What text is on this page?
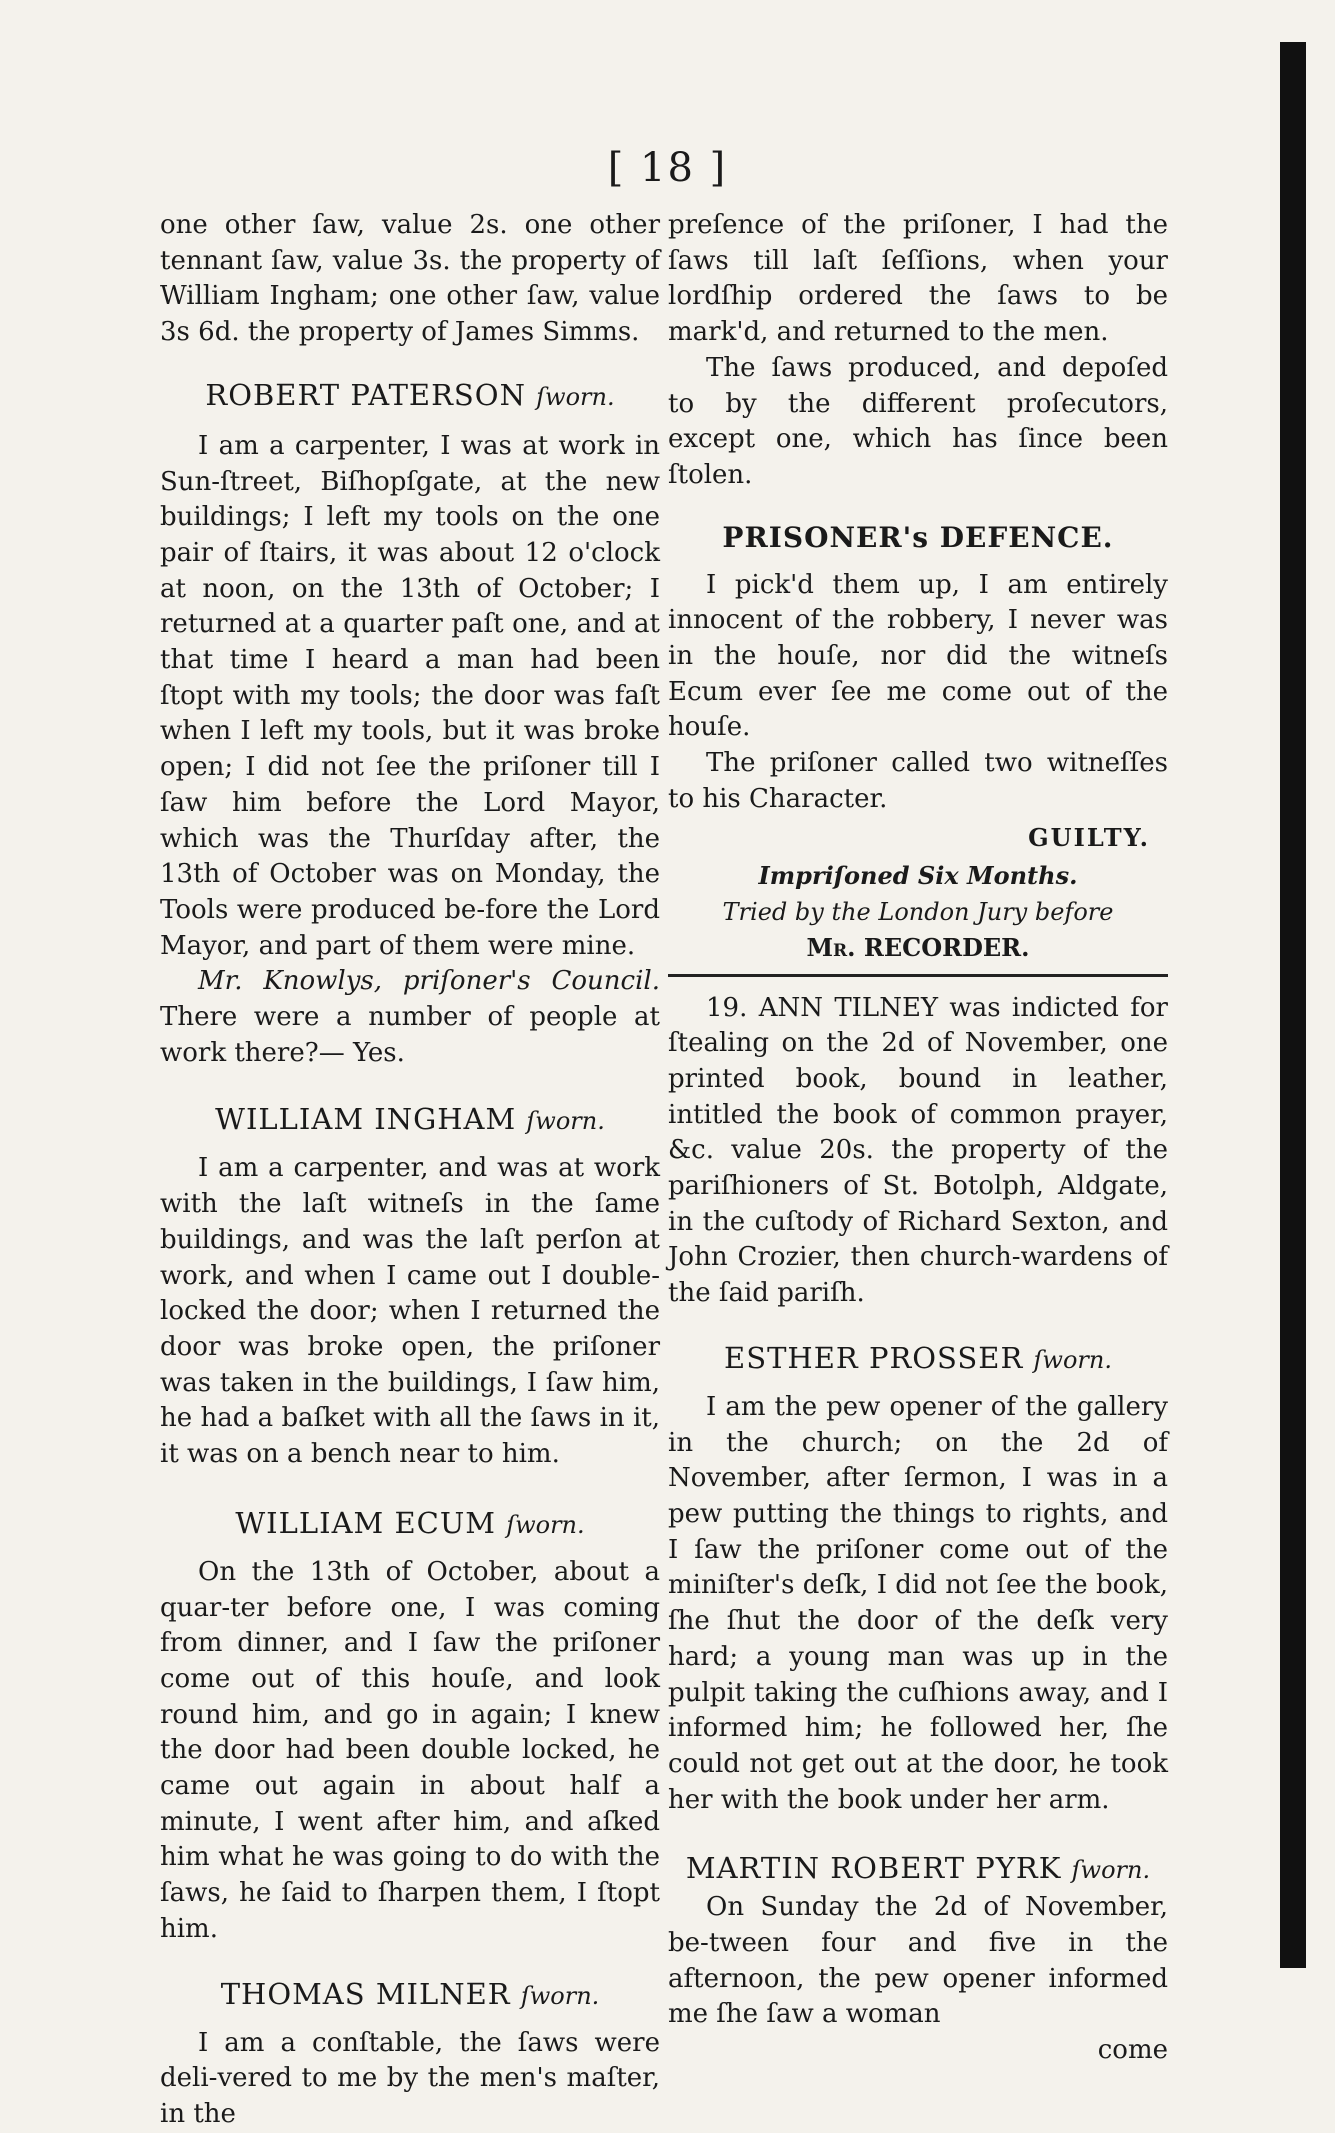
[ 18 ]

one other ſaw, value 2s. one other tennant ſaw, value 3s. the property of William Ingham; one other ſaw, value 3s 6d. the property of James Simms.

ROBERT PATERSON ſworn.

I am a carpenter, I was at work in Sun-ſtreet, Biſhopſgate, at the new buildings; I left my tools on the one pair of ſtairs, it was about 12 o'clock at noon, on the 13th of October; I returned at a quarter paſt one, and at that time I heard a man had been ſtopt with my tools; the door was faſt when I left my tools, but it was broke open; I did not ſee the priſoner till I ſaw him before the Lord Mayor, which was the Thurſday after, the 13th of October was on Monday, the Tools were produced be-fore the Lord Mayor, and part of them were mine.

Mr. Knowlys, priſoner's Council. There were a number of people at work there?— Yes.

WILLIAM INGHAM ſworn.

I am a carpenter, and was at work with the laſt witneſs in the ſame buildings, and was the laſt perſon at work, and when I came out I double-locked the door; when I returned the door was broke open, the priſoner was taken in the buildings, I ſaw him, he had a baſket with all the ſaws in it, it was on a bench near to him.

WILLIAM ECUM ſworn.

On the 13th of October, about a quar-ter before one, I was coming from dinner, and I ſaw the priſoner come out of this houſe, and look round him, and go in again; I knew the door had been double locked, he came out again in about half a minute, I went after him, and aſked him what he was going to do with the ſaws, he ſaid to ſharpen them, I ſtopt him.

THOMAS MILNER ſworn.

I am a conſtable, the ſaws were deli-vered to me by the men's maſter, in the

preſence of the priſoner, I had the ſaws till laſt ſeſſions, when your lordſhip ordered the ſaws to be mark'd, and returned to the men.

The ſaws produced, and depoſed to by the different proſecutors, except one, which has ſince been ſtolen.

PRISONER's DEFENCE.

I pick'd them up, I am entirely innocent of the robbery, I never was in the houſe, nor did the witneſs Ecum ever ſee me come out of the houſe.

The priſoner called two witneſſes to his Character.

GUILTY.

Impriſoned Six Months.

Tried by the London Jury before

Mr. RECORDER.

19. ANN TILNEY was indicted for ſtealing on the 2d of November, one printed book, bound in leather, intitled the book of common prayer, &c. value 20s. the property of the pariſhioners of St. Botolph, Aldgate, in the cuſtody of Richard Sexton, and John Crozier, then church-wardens of the ſaid pariſh.

ESTHER PROSSER ſworn.

I am the pew opener of the gallery in the church; on the 2d of November, after ſermon, I was in a pew putting the things to rights, and I ſaw the priſoner come out of the miniſter's deſk, I did not ſee the book, ſhe ſhut the door of the deſk very hard; a young man was up in the pulpit taking the cuſhions away, and I informed him; he followed her, ſhe could not get out at the door, he took her with the book under her arm.

MARTIN ROBERT PYRK ſworn.

On Sunday the 2d of November, be-tween four and five in the afternoon, the pew opener informed me ſhe ſaw a woman

come
